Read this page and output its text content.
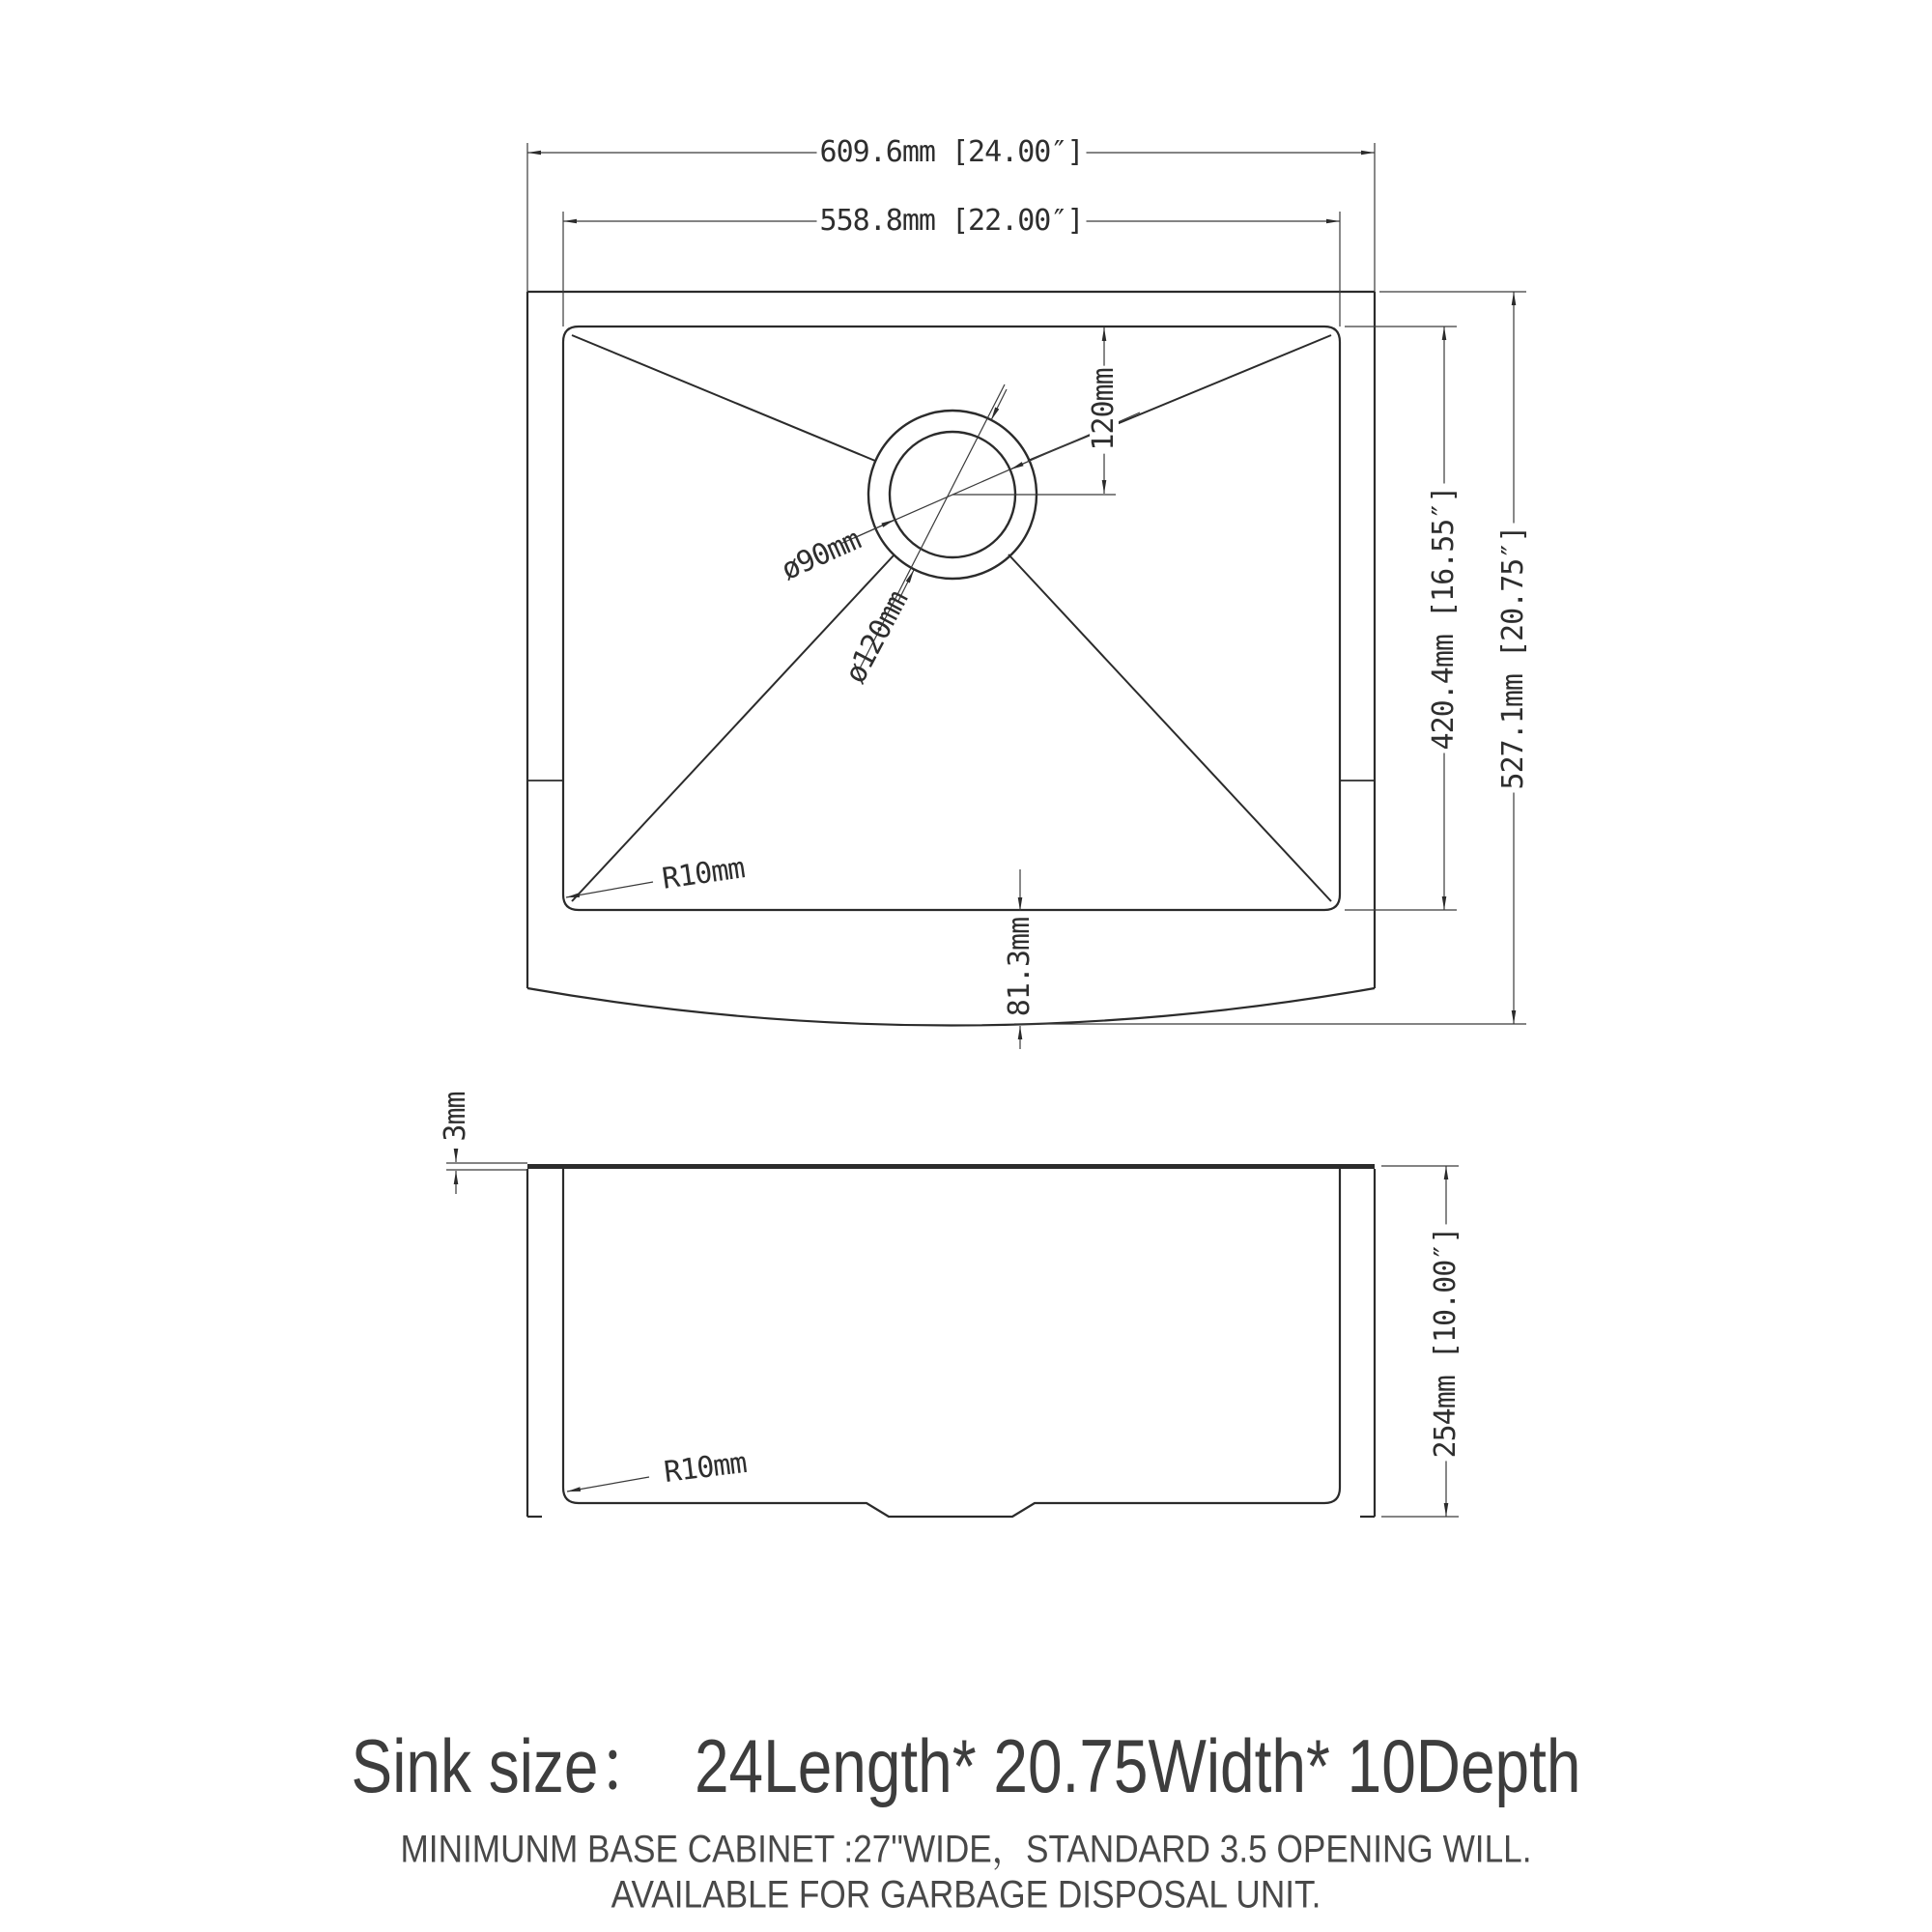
609.6mm [24.00″]
558.8mm [22.00″]
420.4mm [16.55″] 527.1mm [20.75″]
120mm
81.3mm
ø90mm
ø120mm
R10mm
3mm
254mm [10.00″]
R10mm
Sink size：  24Length* 20.75Width* 10Depth
MINIMUNM BASE CABINET :27"WIDE，STANDARD 3.5 OPENING WILL.
AVAILABLE FOR GARBAGE DISPOSAL UNIT.
